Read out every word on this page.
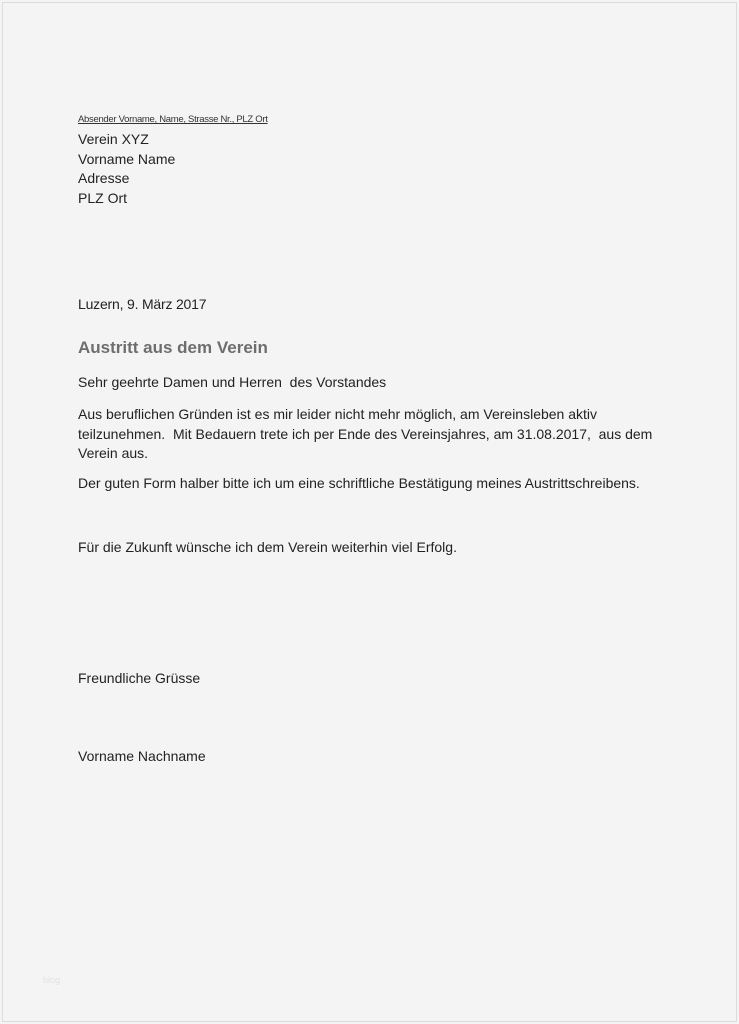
Absender Vorname, Name, Strasse Nr., PLZ Ort
Verein XYZ
Vorname Name
Adresse
PLZ Ort
Luzern, 9. März 2017
Austritt aus dem Verein
Sehr geehrte Damen und Herren  des Vorstandes
Aus beruflichen Gründen ist es mir leider nicht mehr möglich, am Vereinsleben aktiv teilzunehmen.  Mit Bedauern trete ich per Ende des Vereinsjahres, am 31.08.2017,  aus dem Verein aus.
Der guten Form halber bitte ich um eine schriftliche Bestätigung meines Austrittschreibens.
Für die Zukunft wünsche ich dem Verein weiterhin viel Erfolg.
Freundliche Grüsse
Vorname Nachname
blog
